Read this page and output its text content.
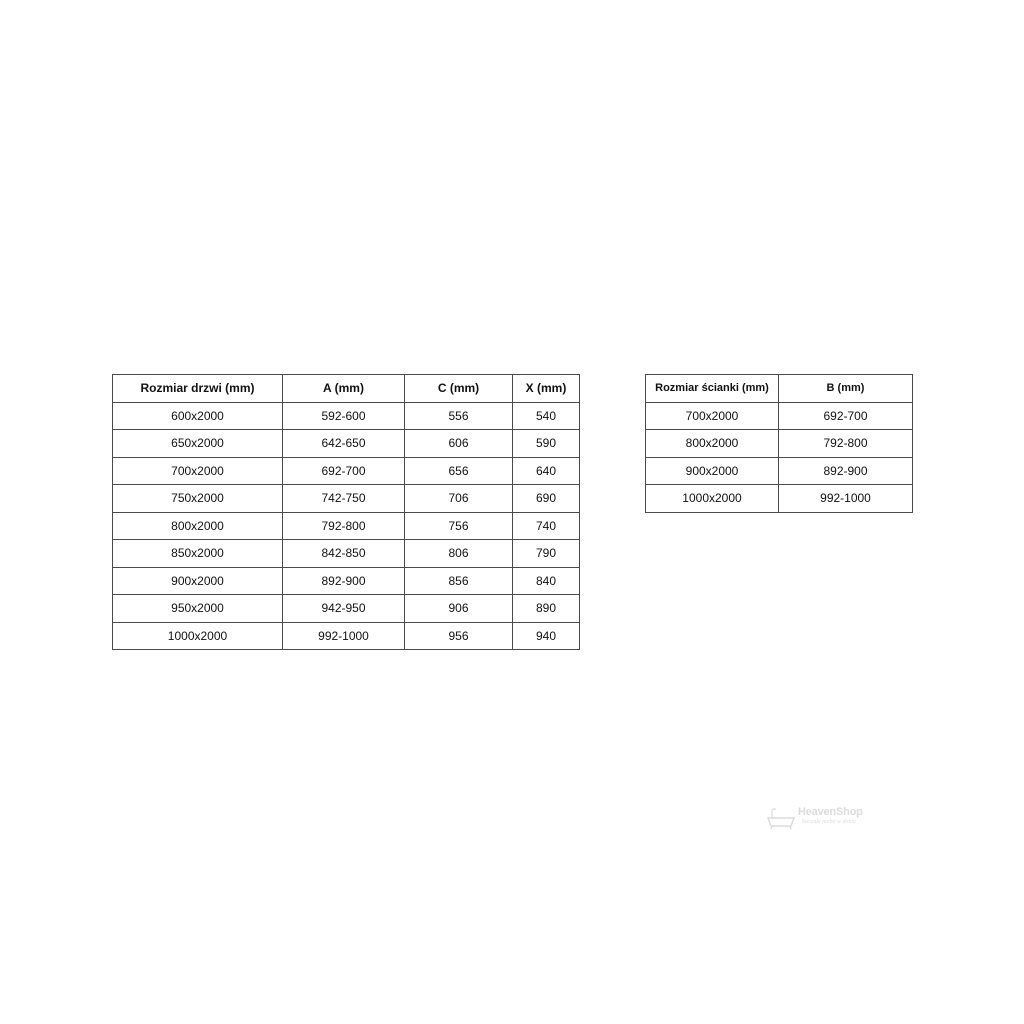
Rozmiar drzwi (mm)	A (mm)	C (mm)	X (mm)
600x2000	592-600	556	540
650x2000	642-650	606	590
700x2000	692-700	656	640
750x2000	742-750	706	690
800x2000	792-800	756	740
850x2000	842-850	806	790
900x2000	892-900	856	840
950x2000	942-950	906	890
1000x2000	992-1000	956	940
Rozmiar ścianki (mm)	B (mm)
700x2000	692-700
800x2000	792-800
900x2000	892-900
1000x2000	992-1000
HeavenShop
łazienki niebo w domu
